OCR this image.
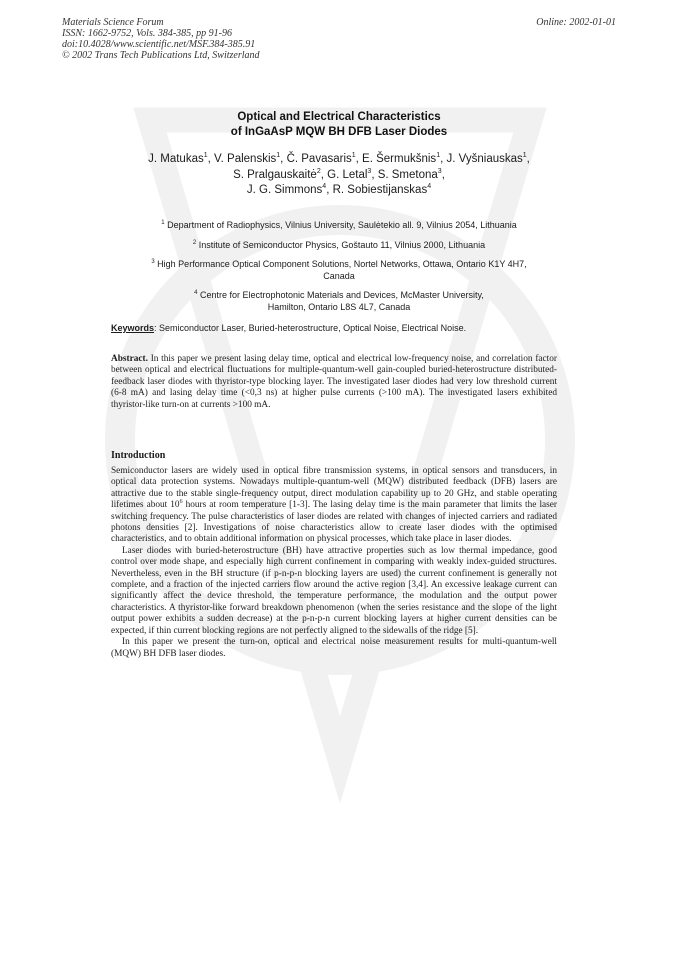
Materials Science Forum
ISSN: 1662-9752, Vols. 384-385, pp 91-96
doi:10.4028/www.scientific.net/MSF.384-385.91
© 2002 Trans Tech Publications Ltd, Switzerland
Online: 2002-01-01
Optical and Electrical Characteristics
of InGaAsP MQW BH DFB Laser Diodes
J. Matukas$^1$, V. Palenskis$^1$, Č. Pavasaris$^1$, E. Šermukšnis$^1$, J. Vyšniauskas$^1$,
S. Pralgauskaitė$^2$, G. Letal$^3$, S. Smetona$^3$,
J. G. Simmons$^4$, R. Sobiestijanskas$^4$

$^1$ Department of Radiophysics, Vilnius University, Saulėtekio all. 9, Vilnius 2054, Lithuania

$^2$ Institute of Semiconductor Physics, Goštauto 11, Vilnius 2000, Lithuania

$^3$ High Performance Optical Component Solutions, Nortel Networks, Ottawa, Ontario K1Y 4H7,
Canada

$^4$ Centre for Electrophotonic Materials and Devices, McMaster University,
Hamilton, Ontario L8S 4L7, Canada

Keywords: Semiconductor Laser, Buried-heterostructure, Optical Noise, Electrical Noise.
Abstract. In this paper we present lasing delay time, optical and electrical low-frequency noise, and correlation factor between optical and electrical fluctuations for multiple-quantum-well gain-coupled buried-heterostructure distributed-feedback laser diodes with thyristor-type blocking layer. The investigated laser diodes had very low threshold current (6-8 mA) and lasing delay time (<0,3 ns) at higher pulse currents (>100 mA). The investigated lasers exhibited thyristor-like turn-on at currents >100 mA.
Introduction

Semiconductor lasers are widely used in optical fibre transmission systems, in optical sensors and transducers, in optical data protection systems. Nowadays multiple-quantum-well (MQW) distributed feedback (DFB) lasers are attractive due to the stable single-frequency output, direct modulation capability up to 20 GHz, and stable operating lifetimes about $10^6$ hours at room temperature [1-3]. The lasing delay time is the main parameter that limits the laser switching frequency. The pulse characteristics of laser diodes are related with changes of injected carriers and radiated photons densities [2]. Investigations of noise characteristics allow to create laser diodes with the optimised characteristics, and to obtain additional information on physical processes, which take place in laser diodes.

Laser diodes with buried-heterostructure (BH) have attractive properties such as low thermal impedance, good control over mode shape, and especially high current confinement in comparing with weakly index-guided structures. Nevertheless, even in the BH structure (if p-n-p-n blocking layers are used) the current confinement is generally not complete, and a fraction of the injected carriers flow around the active region [3,4]. An excessive leakage current can significantly affect the device threshold, the temperature performance, the modulation and the output power characteristics. A thyristor-like forward breakdown phenomenon (when the series resistance and the slope of the light output power exhibits a sudden decrease) at the p-n-p-n current blocking layers at higher current densities can be expected, if thin current blocking regions are not perfectly aligned to the sidewalls of the ridge [5].

In this paper we present the turn-on, optical and electrical noise measurement results for multi-quantum-well (MQW) BH DFB laser diodes.
